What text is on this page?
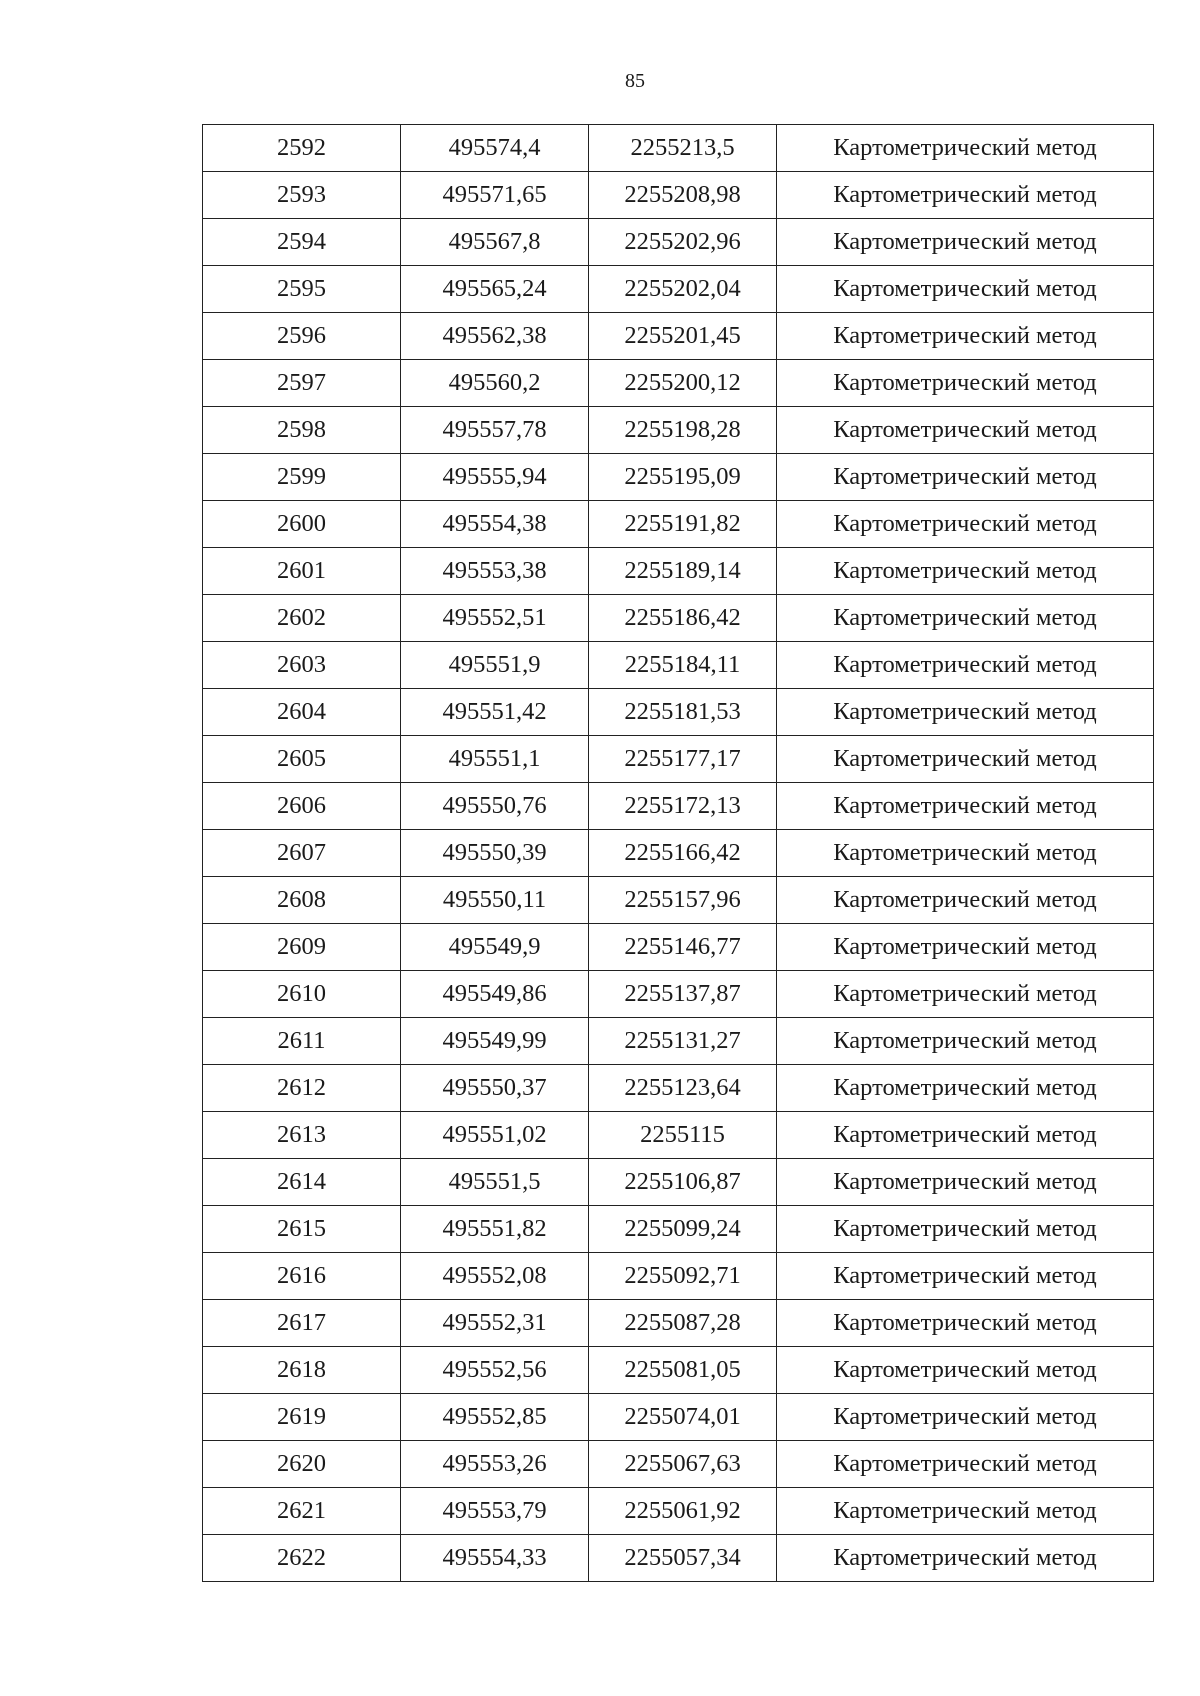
85
2592	495574,4	2255213,5	Картометрический метод
2593	495571,65	2255208,98	Картометрический метод
2594	495567,8	2255202,96	Картометрический метод
2595	495565,24	2255202,04	Картометрический метод
2596	495562,38	2255201,45	Картометрический метод
2597	495560,2	2255200,12	Картометрический метод
2598	495557,78	2255198,28	Картометрический метод
2599	495555,94	2255195,09	Картометрический метод
2600	495554,38	2255191,82	Картометрический метод
2601	495553,38	2255189,14	Картометрический метод
2602	495552,51	2255186,42	Картометрический метод
2603	495551,9	2255184,11	Картометрический метод
2604	495551,42	2255181,53	Картометрический метод
2605	495551,1	2255177,17	Картометрический метод
2606	495550,76	2255172,13	Картометрический метод
2607	495550,39	2255166,42	Картометрический метод
2608	495550,11	2255157,96	Картометрический метод
2609	495549,9	2255146,77	Картометрический метод
2610	495549,86	2255137,87	Картометрический метод
2611	495549,99	2255131,27	Картометрический метод
2612	495550,37	2255123,64	Картометрический метод
2613	495551,02	2255115	Картометрический метод
2614	495551,5	2255106,87	Картометрический метод
2615	495551,82	2255099,24	Картометрический метод
2616	495552,08	2255092,71	Картометрический метод
2617	495552,31	2255087,28	Картометрический метод
2618	495552,56	2255081,05	Картометрический метод
2619	495552,85	2255074,01	Картометрический метод
2620	495553,26	2255067,63	Картометрический метод
2621	495553,79	2255061,92	Картометрический метод
2622	495554,33	2255057,34	Картометрический метод
